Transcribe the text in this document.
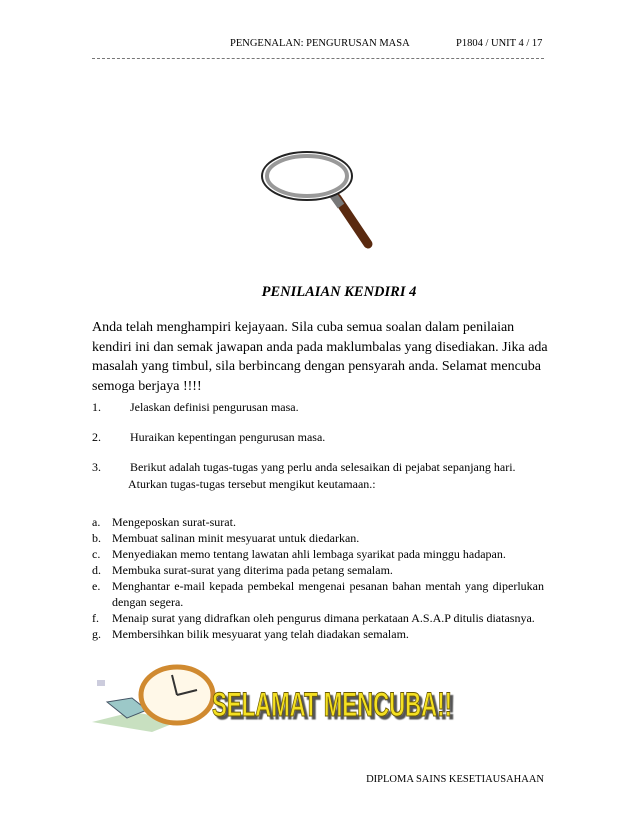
PENGENALAN: PENGURUSAN MASA	P1804 / UNIT 4 / 17
PENILAIAN KENDIRI 4
Anda telah menghampiri kejayaan. Sila cuba semua soalan dalam penilaian kendiri ini dan semak jawapan anda pada maklumbalas yang disediakan. Jika ada masalah yang timbul, sila berbincang dengan pensyarah anda. Selamat mencuba semoga berjaya !!!!
1. Jelaskan definisi pengurusan masa.
2. Huraikan kepentingan pengurusan masa.
3. Berikut adalah tugas-tugas yang perlu anda selesaikan di pejabat sepanjang hari.
Aturkan tugas-tugas tersebut mengikut keutamaan.:
a. Mengeposkan surat-surat.
b. Membuat salinan minit mesyuarat untuk diedarkan.
c. Menyediakan memo tentang lawatan ahli lembaga syarikat pada minggu hadapan.
d. Membuka surat-surat yang diterima pada petang semalam.
e. Menghantar e-mail kepada pembekal mengenai pesanan bahan mentah yang diperlukan dengan segera.
f.	Menaip surat yang didrafkan oleh pengurus dimana perkataan A.S.A.P ditulis diatasnya.
g. Membersihkan bilik mesyuarat yang telah diadakan semalam.
SELAMAT MENCUBA!!
DIPLOMA SAINS KESETIAUSAHAAN
